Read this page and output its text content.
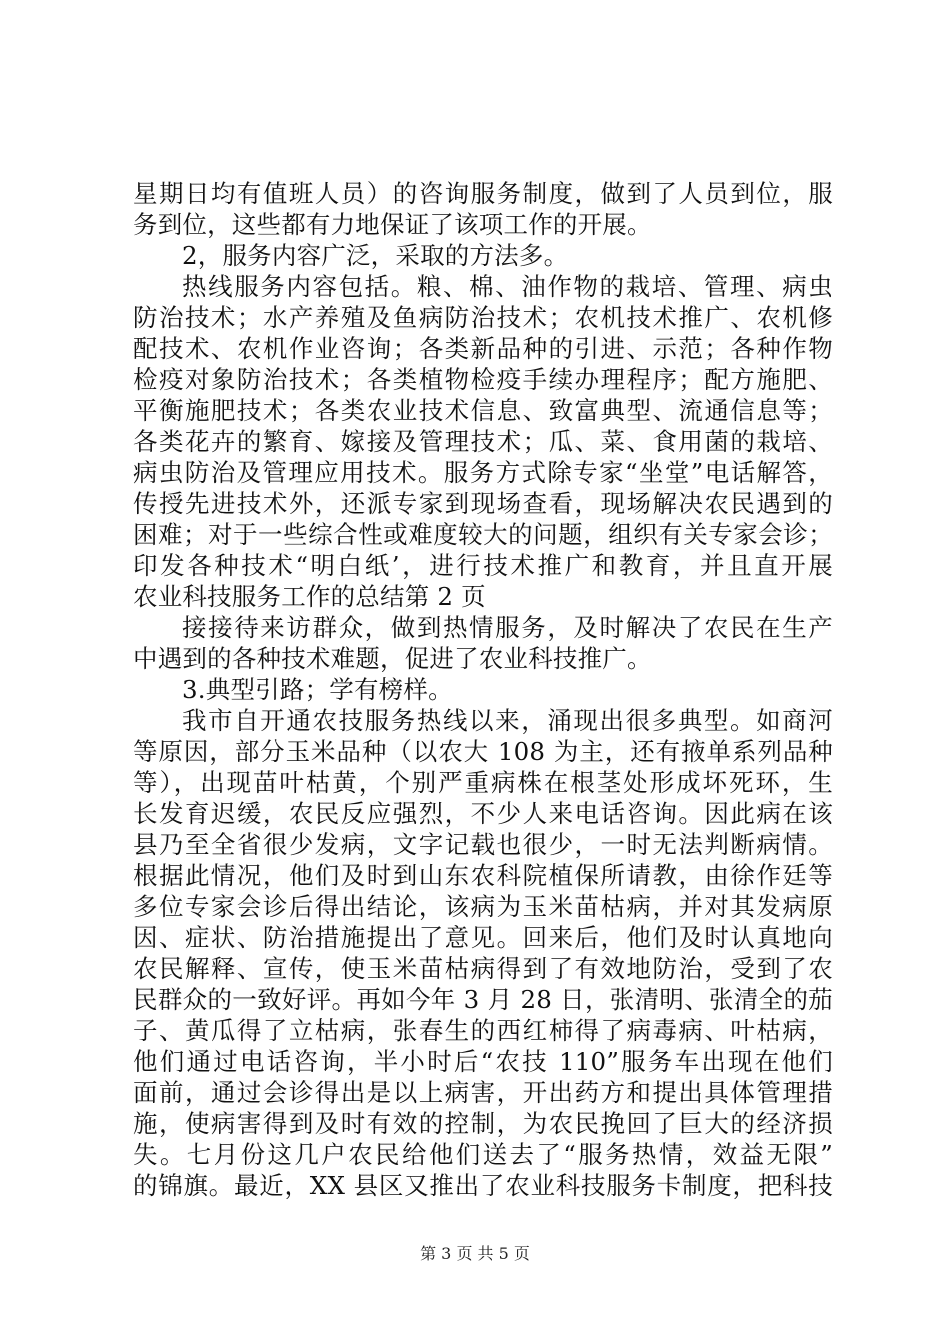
星期日均有值班人员）的咨询服务制度，做到了人员到位，服
务到位，这些都有力地保证了该项工作的开展。
2，服务内容广泛，采取的方法多。
热线服务内容包括。粮、棉、油作物的栽培、管理、病虫
防治技术；水产养殖及鱼病防治技术；农机技术推广、农机修
配技术、农机作业咨询；各类新品种的引进、示范；各种作物
检疫对象防治技术；各类植物检疫手续办理程序；配方施肥、
平衡施肥技术；各类农业技术信息、致富典型、流通信息等；
各类花卉的繁育、嫁接及管理技术；瓜、菜、食用菌的栽培、
病虫防治及管理应用技术。服务方式除专家“坐堂”电话解答，
传授先进技术外，还派专家到现场查看，现场解决农民遇到的
困难；对于一些综合性或难度较大的问题，组织有关专家会诊；
印发各种技术“明白纸’，进行技术推广和教育，并且直开展
农业科技服务工作的总结第 2 页
接接待来访群众，做到热情服务，及时解决了农民在生产
中遇到的各种技术难题，促进了农业科技推广。
3.典型引路；学有榜样。
我市自开通农技服务热线以来，涌现出很多典型。如商河
等原因，部分玉米品种（以农大 108 为主，还有掖单系列品种
等），出现苗叶枯黄，个别严重病株在根茎处形成坏死环，生
长发育迟缓，农民反应强烈，不少人来电话咨询。因此病在该
县乃至全省很少发病，文字记载也很少，一时无法判断病情。
根据此情况，他们及时到山东农科院植保所请教，由徐作廷等
多位专家会诊后得出结论，该病为玉米苗枯病，并对其发病原
因、症状、防治措施提出了意见。回来后，他们及时认真地向
农民解释、宣传，使玉米苗枯病得到了有效地防治，受到了农
民群众的一致好评。再如今年 3 月 28 日，张清明、张清全的茄
子、黄瓜得了立枯病，张春生的西红柿得了病毒病、叶枯病，
他们通过电话咨询，半小时后“农技 110”服务车出现在他们
面前，通过会诊得出是以上病害，开出药方和提出具体管理措
施，使病害得到及时有效的控制，为农民挽回了巨大的经济损
失。七月份这几户农民给他们送去了“服务热情，效益无限”
的锦旗。最近，XX 县区又推出了农业科技服务卡制度，把科技
第 3 页 共 5 页
